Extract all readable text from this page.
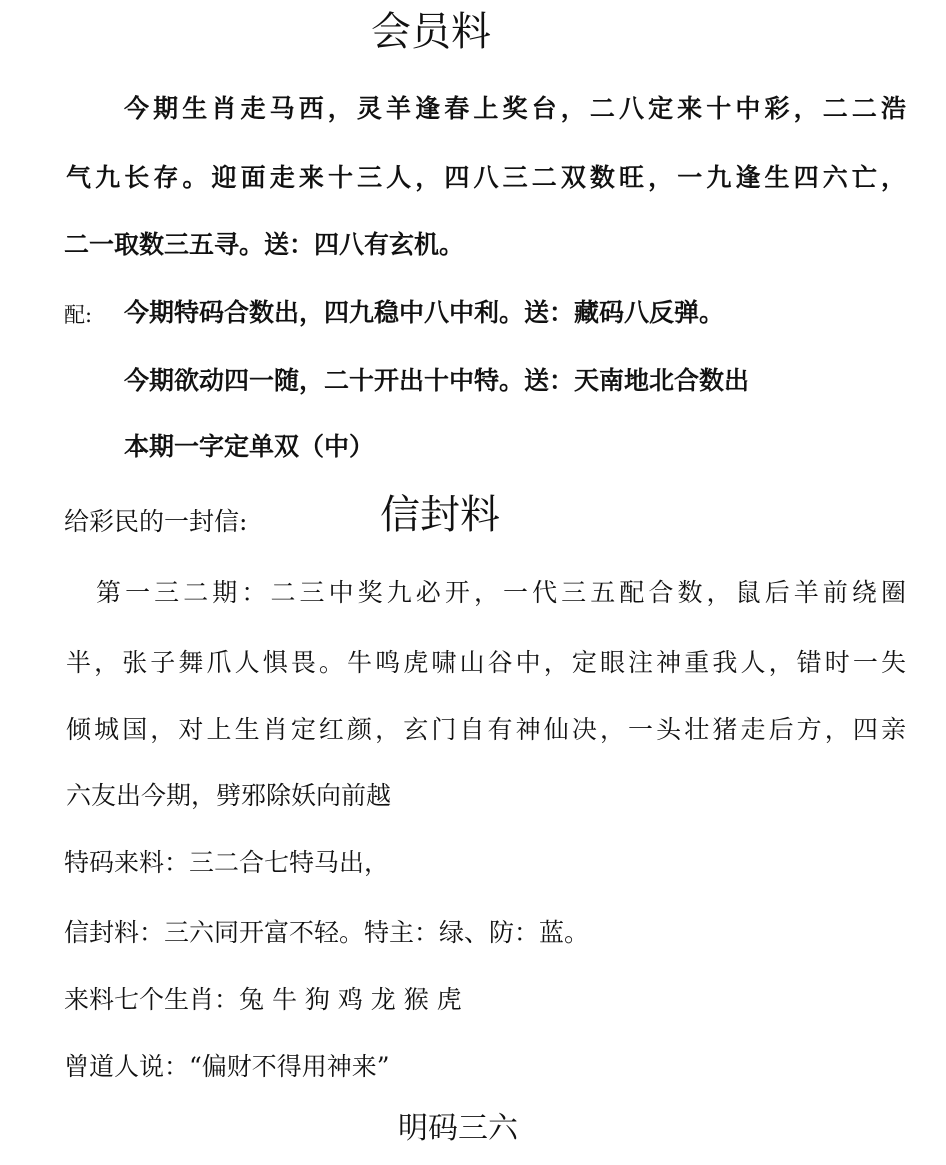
会员料
今期生肖走马西，灵羊逢春上奖台，二八定来十中彩，二二浩
气九长存。迎面走来十三人，四八三二双数旺，一九逢生四六亡，
二一取数三五寻。送：四八有玄机。
配: 今期特码合数出，四九稳中八中利。送：藏码八反弹。
今期欲动四一随，二十开出十中特。送：天南地北合数出
本期一字定单双（中）
给彩民的一封信:	信封料
第一三二期：二三中奖九必开，一代三五配合数，鼠后羊前绕圈
半，张子舞爪人惧畏。牛鸣虎啸山谷中，定眼注神重我人，错时一失
倾城国，对上生肖定红颜，玄门自有神仙决，一头壮猪走后方，四亲
六友出今期，劈邪除妖向前越
特码来料：三二合七特马出，
信封料：三六同开富不轻。特主：绿、防：蓝。
来料七个生肖：兔 牛 狗 鸡 龙 猴 虎
曾道人说：“偏财不得用神来”
明码三六
